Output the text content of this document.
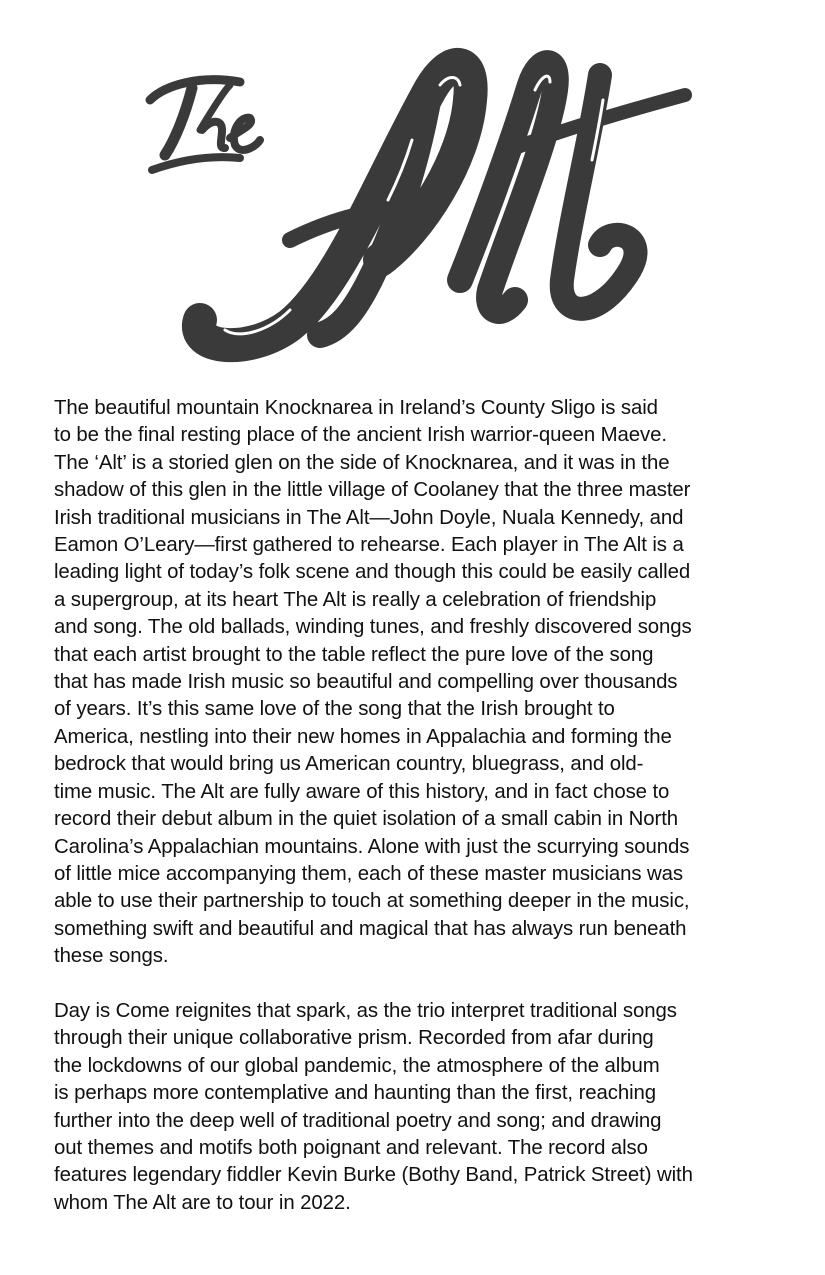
The beautiful mountain Knocknarea in Ireland’s County Sligo is said
to be the final resting place of the ancient Irish warrior-queen Maeve.
The ‘Alt’ is a storied glen on the side of Knocknarea, and it was in the
shadow of this glen in the little village of Coolaney that the three master
Irish traditional musicians in The Alt—John Doyle, Nuala Kennedy, and
Eamon O’Leary—first gathered to rehearse. Each player in The Alt is a
leading light of today’s folk scene and though this could be easily called
a supergroup, at its heart The Alt is really a celebration of friendship
and song. The old ballads, winding tunes, and freshly discovered songs
that each artist brought to the table reflect the pure love of the song
that has made Irish music so beautiful and compelling over thousands
of years. It’s this same love of the song that the Irish brought to
America, nestling into their new homes in Appalachia and forming the
bedrock that would bring us American country, bluegrass, and old-
time music. The Alt are fully aware of this history, and in fact chose to
record their debut album in the quiet isolation of a small cabin in North
Carolina’s Appalachian mountains. Alone with just the scurrying sounds
of little mice accompanying them, each of these master musicians was
able to use their partnership to touch at something deeper in the music,
something swift and beautiful and magical that has always run beneath
these songs.

Day is Come reignites that spark, as the trio interpret traditional songs
through their unique collaborative prism. Recorded from afar during
the lockdowns of our global pandemic, the atmosphere of the album
is perhaps more contemplative and haunting than the first, reaching
further into the deep well of traditional poetry and song; and drawing
out themes and motifs both poignant and relevant. The record also
features legendary fiddler Kevin Burke (Bothy Band, Patrick Street) with
whom The Alt are to tour in 2022.
